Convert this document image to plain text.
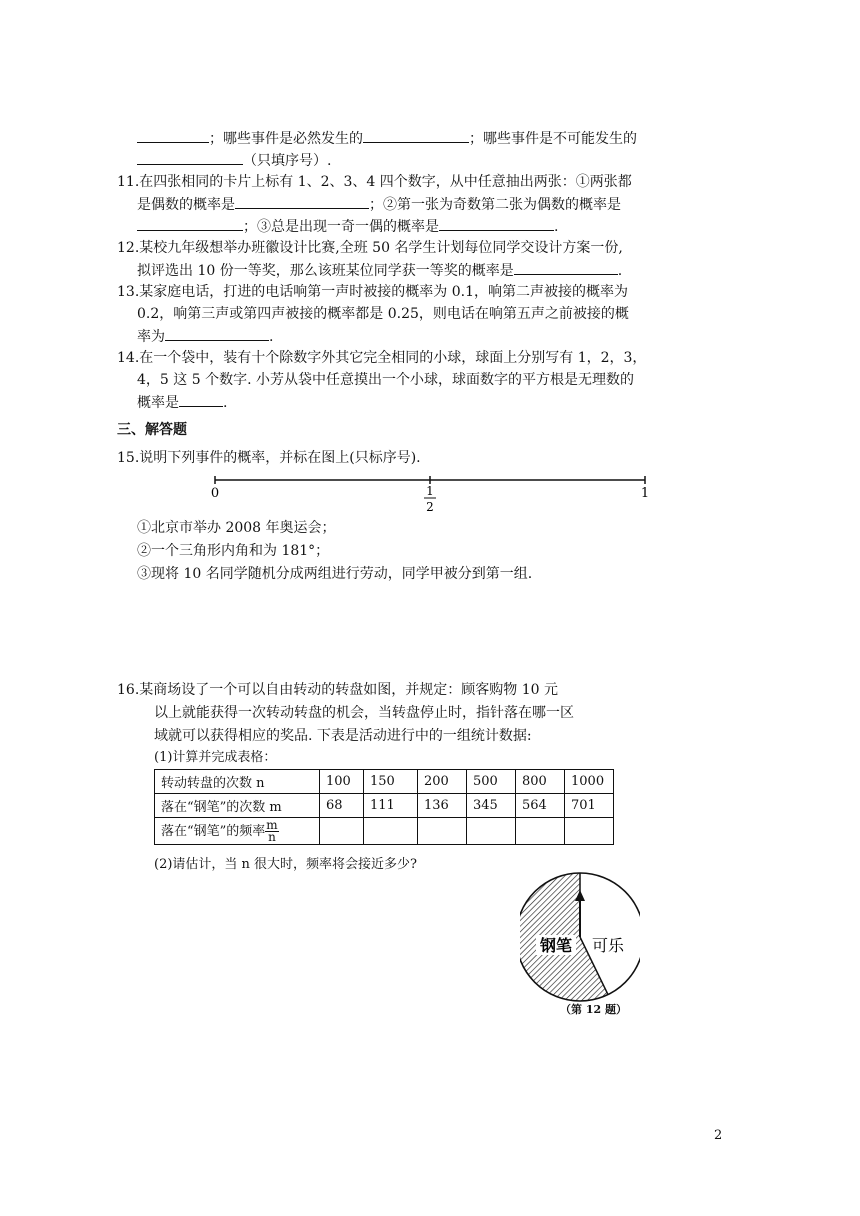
；哪些事件是必然发生的	；哪些事件是不可能发生的
（只填序号）.
11.在四张相同的卡片上标有 1、2、3、4 四个数字，从中任意抽出两张：①两张都
是偶数的概率是	；②第一张为奇数第二张为偶数的概率是
；③总是出现一奇一偶的概率是	.
12.某校九年级想举办班徽设计比赛,全班 50 名学生计划每位同学交设计方案一份,
拟评选出 10 份一等奖，那么该班某位同学获一等奖的概率是	.
13.某家庭电话，打进的电话响第一声时被接的概率为 0.1，响第二声被接的概率为
0.2，响第三声或第四声被接的概率都是 0.25，则电话在响第五声之前被接的概
率为	.
14.在一个袋中，装有十个除数字外其它完全相同的小球，球面上分别写有 1，2，3，
4，5 这 5 个数字. 小芳从袋中任意摸出一个小球，球面数字的平方根是无理数的
概率是	.
三、解答题
15.说明下列事件的概率，并标在图上(只标序号).
0	1
2
1
①北京市举办 2008 年奥运会；
②一个三角形内角和为 181°；
③现将 10 名同学随机分成两组进行劳动，同学甲被分到第一组.
16.某商场设了一个可以自由转动的转盘如图，并规定：顾客购物 10 元
以上就能获得一次转动转盘的机会，当转盘停止时，指针落在哪一区
域就可以获得相应的奖品. 下表是活动进行中的一组统计数据:
(1)计算并完成表格：
转动转盘的次数 n	100	150	200	500	800	1000
落在“钢笔”的次数 m	68	111	136	345	564	701
落在“钢笔”的频率 $\frac{m}{n}$

(2)请估计，当 n 很大时，频率将会接近多少?
钢笔 可乐
（第 12 题）
2
